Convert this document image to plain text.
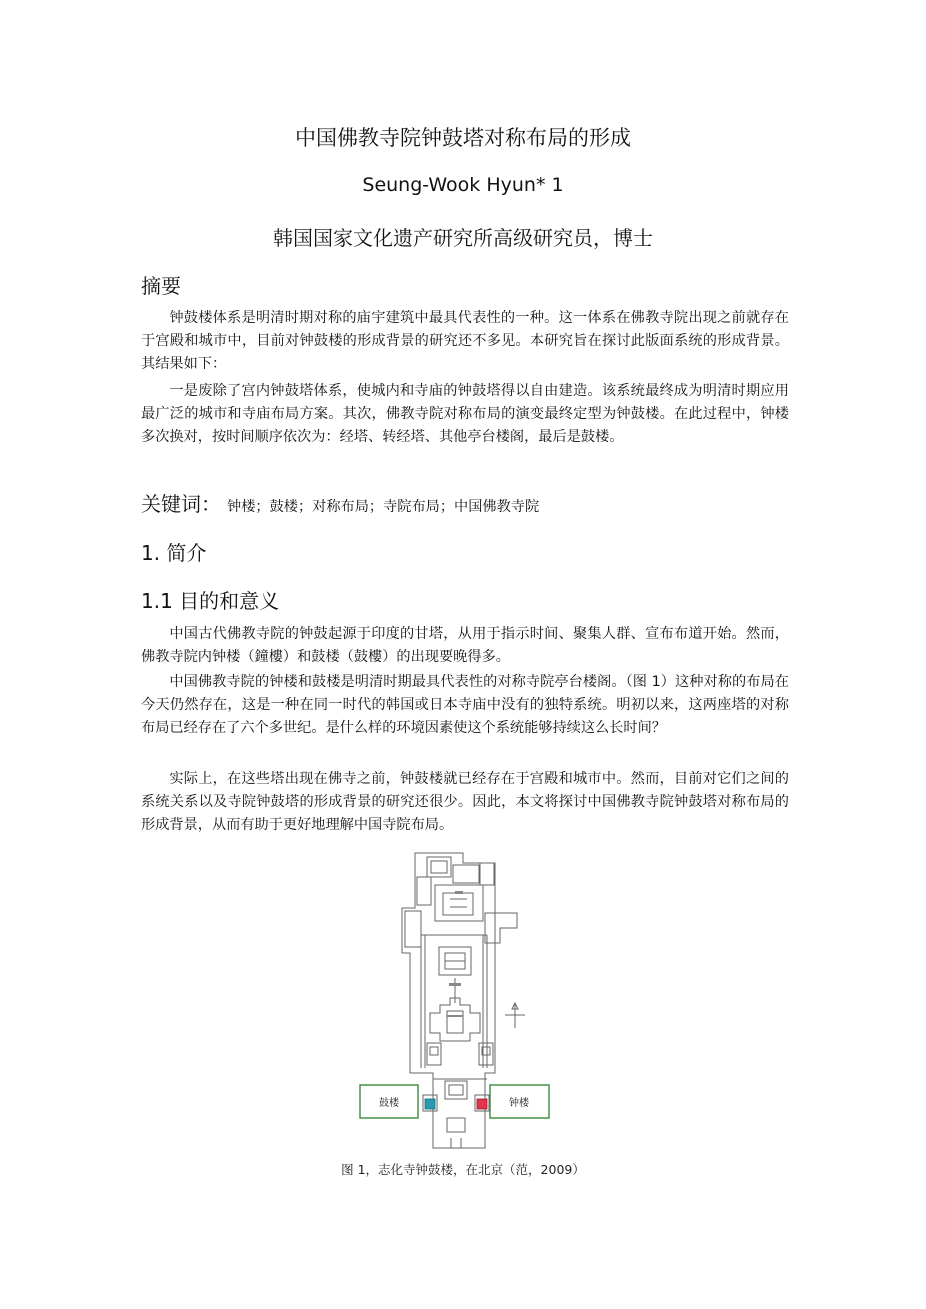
中国佛教寺院钟鼓塔对称布局的形成
Seung-Wook Hyun* 1
韩国国家文化遗产研究所高级研究员，博士
摘要

钟鼓楼体系是明清时期对称的庙宇建筑中最具代表性的一种。这一体系在佛教寺院出现之前就存在于宫殿和城市中，目前对钟鼓楼的形成背景的研究还不多见。本研究旨在探讨此版面系统的形成背景。其结果如下：

一是废除了宫内钟鼓塔体系，使城内和寺庙的钟鼓塔得以自由建造。该系统最终成为明清时期应用最广泛的城市和寺庙布局方案。其次，佛教寺院对称布局的演变最终定型为钟鼓楼。在此过程中，钟楼多次换对，按时间顺序依次为：经塔、转经塔、其他亭台楼阁，最后是鼓楼。

关键词： 钟楼；鼓楼；对称布局；寺院布局；中国佛教寺院
1. 简介
1.1 目的和意义

中国古代佛教寺院的钟鼓起源于印度的甘塔，从用于指示时间、聚集人群、宣布布道开始。然而，佛教寺院内钟楼（鐘樓）和鼓楼（鼓樓）的出现要晚得多。

中国佛教寺院的钟楼和鼓楼是明清时期最具代表性的对称寺院亭台楼阁。（图 1）这种对称的布局在今天仍然存在，这是一种在同一时代的韩国或日本寺庙中没有的独特系统。明初以来，这两座塔的对称布局已经存在了六个多世纪。是什么样的环境因素使这个系统能够持续这么长时间？

实际上，在这些塔出现在佛寺之前，钟鼓楼就已经存在于宫殿和城市中。然而，目前对它们之间的系统关系以及寺院钟鼓塔的形成背景的研究还很少。因此，本文将探讨中国佛教寺院钟鼓塔对称布局的形成背景，从而有助于更好地理解中国寺院布局。

鼓楼	钟楼
图 1，志化寺钟鼓楼，在北京（范，2009）
